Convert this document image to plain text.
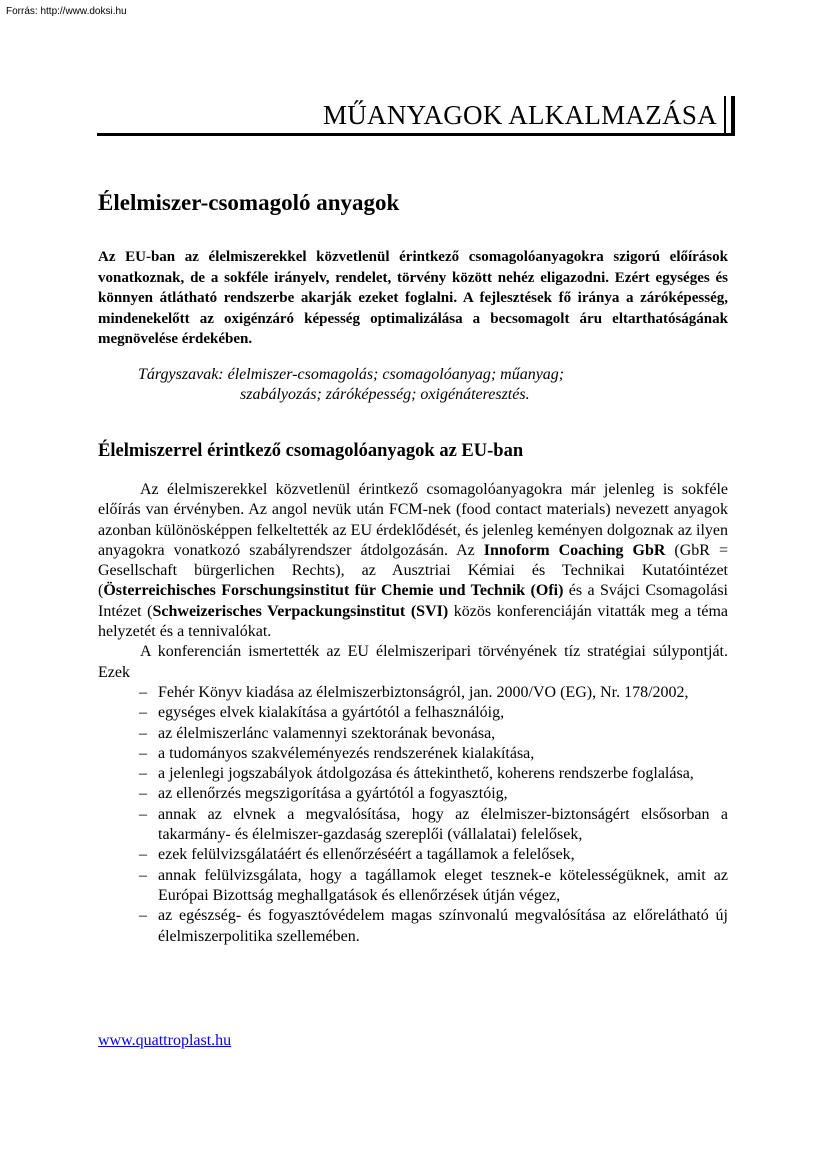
Forrás: http://www.doksi.hu
MŰANYAGOK ALKALMAZÁSA
Élelmiszer-csomagoló anyagok

Az EU-ban az élelmiszerekkel közvetlenül érintkező csomagolóanyagokra szigorú előírások vonatkoznak, de a sokféle irányelv, rendelet, törvény között nehéz eligazodni. Ezért egységes és könnyen átlátható rendszerbe akarják ezeket foglalni. A fejlesztések fő iránya a záróképesség, mindenekelőtt az oxigénzáró képesség optimalizálása a becsomagolt áru eltarthatóságának megnövelése érdekében.

Tárgyszavak: élelmiszer-csomagolás; csomagolóanyag; műanyag;
szabályozás; záróképesség; oxigénáteresztés.
Élelmiszerrel érintkező csomagolóanyagok az EU-ban

Az élelmiszerekkel közvetlenül érintkező csomagolóanyagokra már jelenleg is sokféle előírás van érvényben. Az angol nevük után FCM-nek (food contact materials) nevezett anyagok azonban különösképpen felkeltették az EU érdeklődését, és jelenleg keményen dolgoznak az ilyen anyagokra vonatkozó szabályrendszer átdolgozásán. Az Innoform Coaching GbR (GbR = Gesellschaft bürgerlichen Rechts), az Ausztriai Kémiai és Technikai Kutatóintézet (Österreichisches Forschungsinstitut für Chemie und Technik (Ofi) és a Svájci Csomagolási Intézet (Schweizerisches Verpackungsinstitut (SVI) közös konferenciáján vitatták meg a téma helyzetét és a tennivalókat.

A konferencián ismertették az EU élelmiszeripari törvényének tíz stratégiai súlypontját. Ezek

– Fehér Könyv kiadása az élelmiszerbiztonságról, jan. 2000/VO (EG), Nr. 178/2002,
– egységes elvek kialakítása a gyártótól a felhasználóig,
– az élelmiszerlánc valamennyi szektorának bevonása,
– a tudományos szakvéleményezés rendszerének kialakítása,
– a jelenlegi jogszabályok átdolgozása és áttekinthető, koherens rendszerbe foglalása,
– az ellenőrzés megszigorítása a gyártótól a fogyasztóig,
– annak az elvnek a megvalósítása, hogy az élelmiszer-biztonságért elsősorban a takarmány- és élelmiszer-gazdaság szereplői (vállalatai) felelősek,
– ezek felülvizsgálatáért és ellenőrzéséért a tagállamok a felelősek,
– annak felülvizsgálata, hogy a tagállamok eleget tesznek-e kötelességüknek, amit az Európai Bizottság meghallgatások és ellenőrzések útján végez,
– az egészség- és fogyasztóvédelem magas színvonalú megvalósítása az előrelátható új élelmiszerpolitika szellemében.
www.quattroplast.hu
